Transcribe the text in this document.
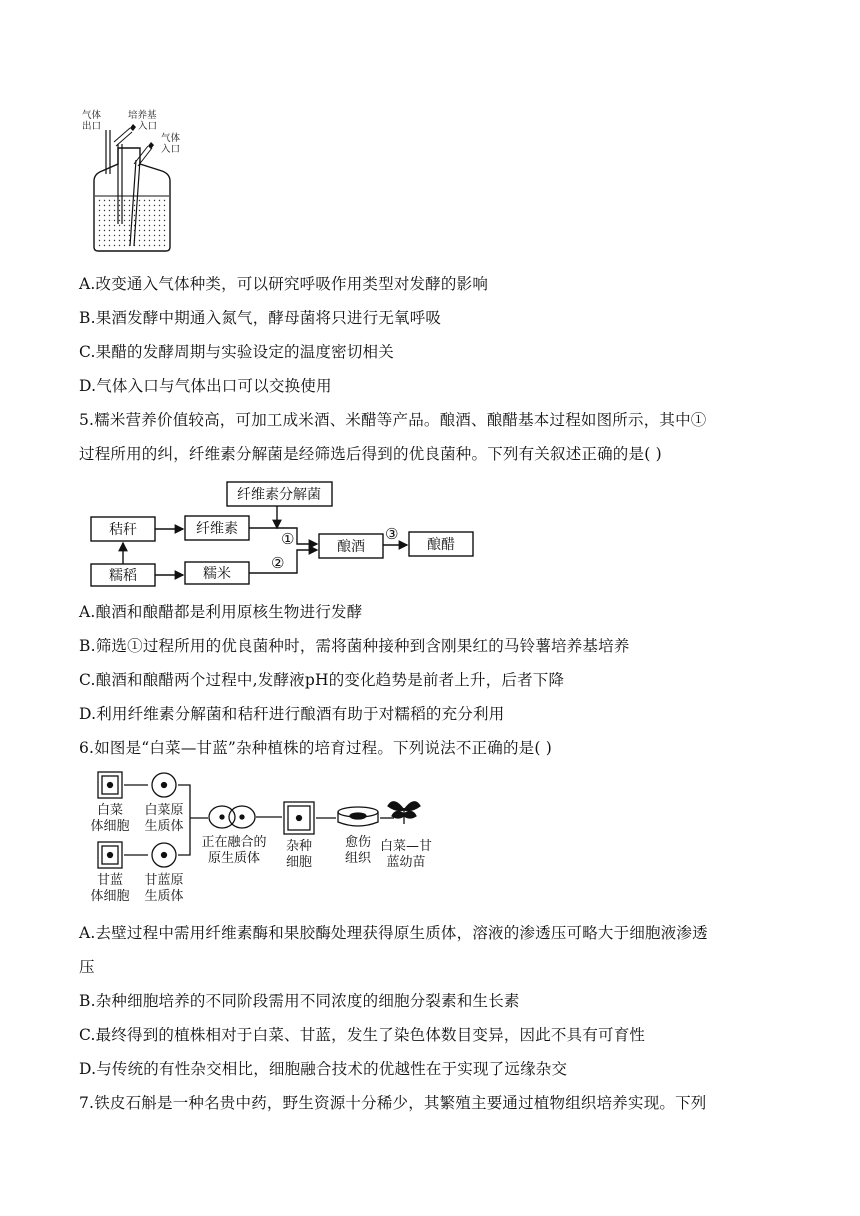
气体
出口
培养基
入口
气体
入口
A.改变通入气体种类，可以研究呼吸作用类型对发酵的影响
B.果酒发酵中期通入氮气，酵母菌将只进行无氧呼吸
C.果醋的发酵周期与实验设定的温度密切相关
D.气体入口与气体出口可以交换使用
5.糯米营养价值较高，可加工成米酒、米醋等产品。酿酒、酿醋基本过程如图所示，其中①
过程所用的纠，纤维素分解菌是经筛选后得到的优良菌种。下列有关叙述正确的是( )
纤维素分解菌
秸秆	纤维素
①	酿酒
③
酿醋
糯稻	糯米
②
A.酿酒和酿醋都是利用原核生物进行发酵
B.筛选①过程所用的优良菌种时，需将菌种接种到含刚果红的马铃薯培养基培养
C.酿酒和酿醋两个过程中,发酵液pH的变化趋势是前者上升，后者下降
D.利用纤维素分解菌和秸秆进行酿酒有助于对糯稻的充分利用
6.如图是“白菜—甘蓝”杂种植株的培育过程。下列说法不正确的是( )
白菜
体细胞
白菜原
生质体
甘蓝
体细胞
甘蓝原
生质体
正在融合的
原生质体
杂种
细胞
愈伤
组织
白菜—甘
蓝幼苗
A.去壁过程中需用纤维素酶和果胶酶处理获得原生质体，溶液的渗透压可略大于细胞液渗透
压
B.杂种细胞培养的不同阶段需用不同浓度的细胞分裂素和生长素
C.最终得到的植株相对于白菜、甘蓝，发生了染色体数目变异，因此不具有可育性
D.与传统的有性杂交相比，细胞融合技术的优越性在于实现了远缘杂交
7.铁皮石斛是一种名贵中药，野生资源十分稀少，其繁殖主要通过植物组织培养实现。下列
